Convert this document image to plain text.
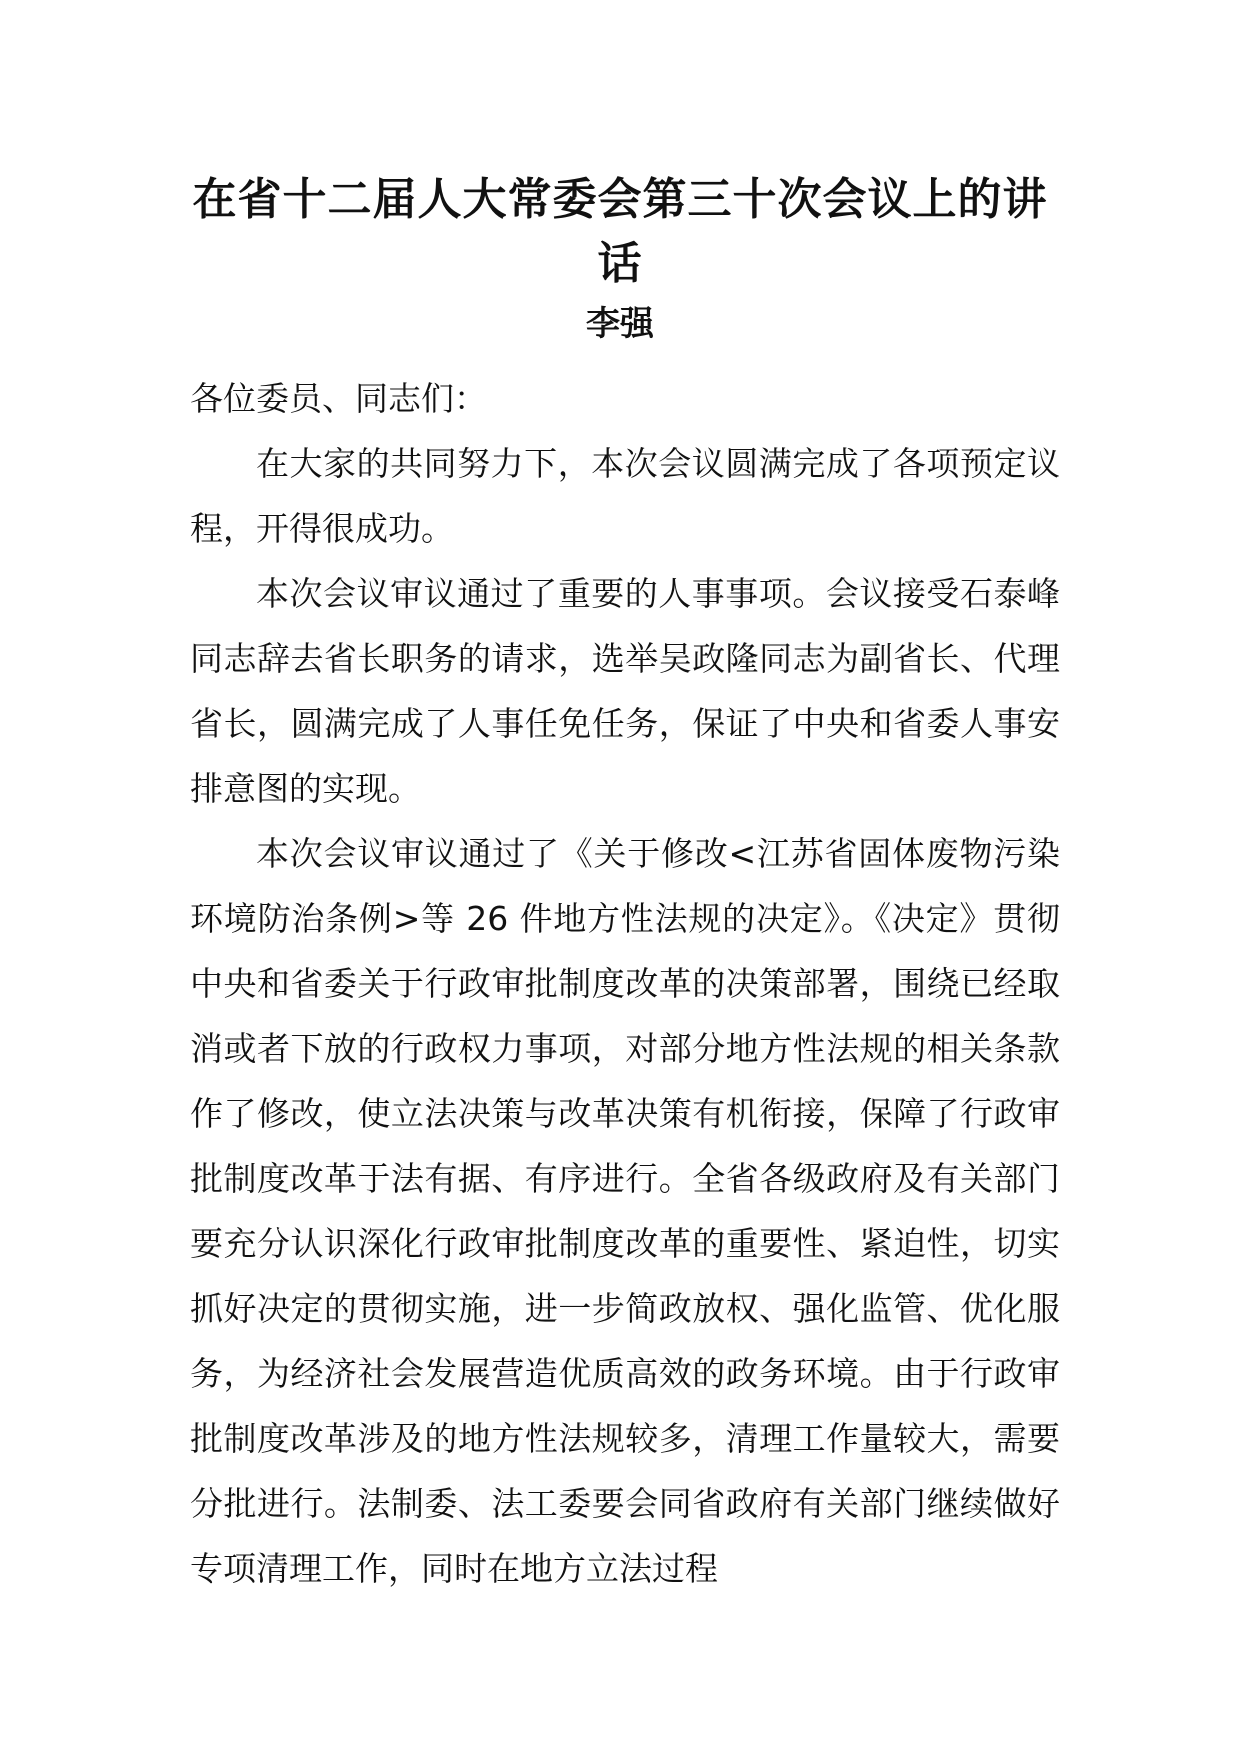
在省十二届人大常委会第三十次会议上的讲话

李强

各位委员、同志们：

在大家的共同努力下，本次会议圆满完成了各项预定议程，开得很成功。

本次会议审议通过了重要的人事事项。会议接受石泰峰同志辞去省长职务的请求，选举吴政隆同志为副省长、代理省长，圆满完成了人事任免任务，保证了中央和省委人事安排意图的实现。

本次会议审议通过了《关于修改<江苏省固体废物污染环境防治条例>等 26 件地方性法规的决定》。《决定》贯彻中央和省委关于行政审批制度改革的决策部署，围绕已经取消或者下放的行政权力事项，对部分地方性法规的相关条款作了修改，使立法决策与改革决策有机衔接，保障了行政审批制度改革于法有据、有序进行。全省各级政府及有关部门要充分认识深化行政审批制度改革的重要性、紧迫性，切实抓好决定的贯彻实施，进一步简政放权、强化监管、优化服务，为经济社会发展营造优质高效的政务环境。由于行政审批制度改革涉及的地方性法规较多，清理工作量较大，需要分批进行。法制委、法工委要会同省政府有关部门继续做好专项清理工作，同时在地方立法过程
